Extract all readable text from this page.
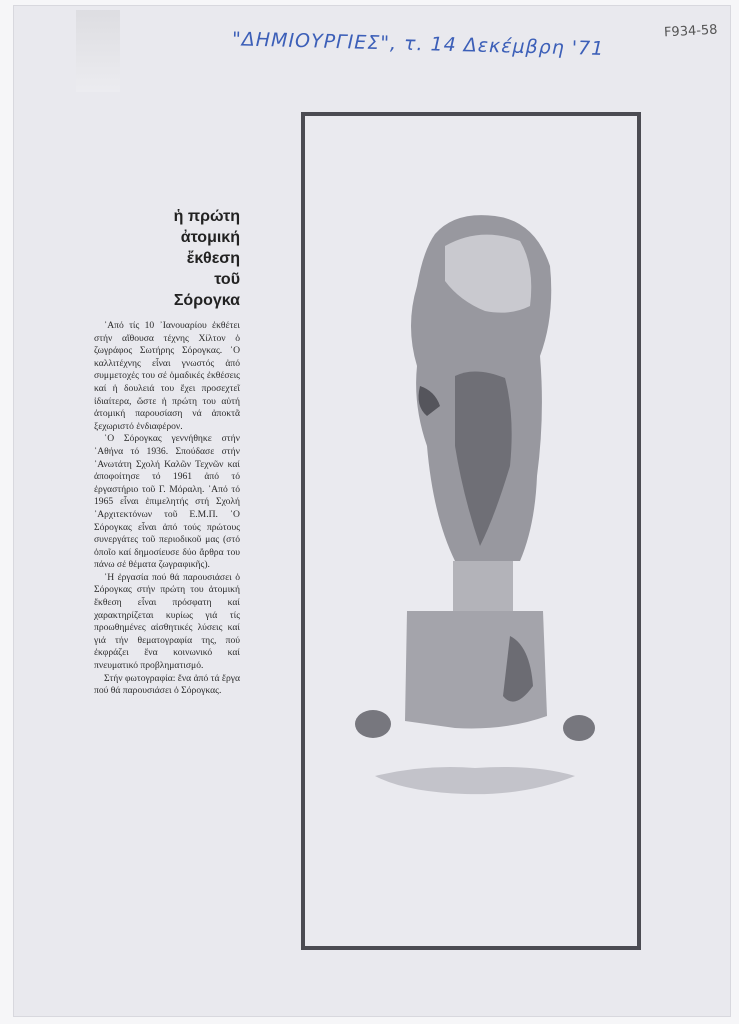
"ΔΗΜΙΟΥΡΓΙΕΣ", τ. 14 Δεκέμβρη '71	F934-58
ἡ πρώτη
ἀτομική
ἔκθεση
τοῦ
Σόρογκα

᾿Από τίς 10 ᾿Ιανουαρίου ἐκθέτει στήν αἴθουσα τέχνης Χίλτον ὁ ζωγράφος Σωτήρης Σόρογκας. ᾿Ο καλλιτέχνης εἶναι γνωστός ἀπό συμμετοχές του σέ ὁμαδικές ἐκθέσεις καί ἡ δουλειά του ἔχει προσεχτεῖ ἰδιαίτερα, ὥστε ἡ πρώτη του αὐτή ἀτομική παρουσίαση νά ἀποκτᾶ ξεχωριστό ἐνδιαφέρον.

᾿Ο Σόρογκας γεννήθηκε στήν ᾿Αθήνα τό 1936. Σπούδασε στήν ᾿Ανωτάτη Σχολή Καλῶν Τεχνῶν καί ἀποφοίτησε τό 1961 ἀπό τό ἐργαστήριο τοῦ Γ. Μόραλη. ᾿Από τό 1965 εἶναι ἐπιμελητής στή Σχολή ᾿Αρχιτεκτόνων τοῦ Ε.Μ.Π. ᾿Ο Σόρογκας εἶναι ἀπό τούς πρώτους συνεργάτες τοῦ περιοδικοῦ μας (στό ὁποῖο καί δημοσίευσε δύο ἄρθρα του πάνω σέ θέματα ζωγραφικῆς).

᾿Η ἐργασία πού θά παρουσιάσει ὁ Σόρογκας στήν πρώτη του ἀτομική ἔκθεση εἶναι πρόσφατη καί χαρακτηρίζεται κυρίως γιά τίς προωθημένες αἰσθητικές λύσεις καί γιά τήν θεματογραφία της, πού ἐκφράζει ἕνα κοινωνικό καί πνευματικό προβληματισμό.

Στήν φωτογραφία: ἕνα ἀπό τά ἔργα πού θά παρουσιάσει ὁ Σόρογκας.
